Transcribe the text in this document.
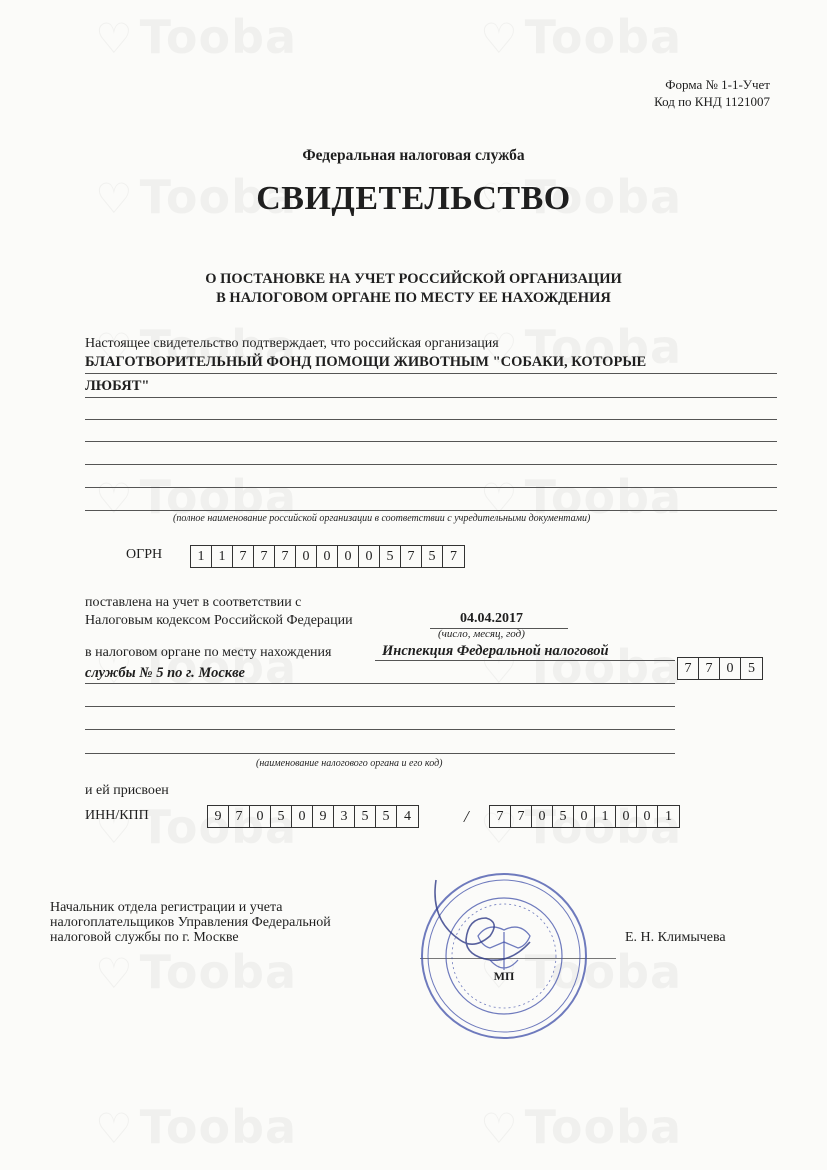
Форма № 1-1-Учет
Код по КНД 1121007
Федеральная налоговая служба
СВИДЕТЕЛЬСТВО
О ПОСТАНОВКЕ НА УЧЕТ РОССИЙСКОЙ ОРГАНИЗАЦИИ
В НАЛОГОВОМ ОРГАНЕ ПО МЕСТУ ЕЕ НАХОЖДЕНИЯ
Настоящее свидетельство подтверждает, что российская организация
БЛАГОТВОРИТЕЛЬНЫЙ ФОНД ПОМОЩИ ЖИВОТНЫМ "СОБАКИ, КОТОРЫЕ
ЛЮБЯТ"
(полное наименование российской организации в соответствии с учредительными документами)
ОГРН	1	1	7	7	7	0	0	0	0	5	7	5	7
поставлена на учет в соответствии с
Налоговым кодексом Российской Федерации	04.04.2017
(число, месяц, год)
в налоговом органе по месту нахождения	Инспекция Федеральной налоговой
службы № 5 по г. Москве	7	7	0	5
(наименование налогового органа и его код)
и ей присвоен
ИНН/КПП	9	7	0	5	0	9	3	5	5	4	/	7	7	0	5	0	1	0	0	1
Начальник отдела регистрации и учета
налогоплательщиков Управления Федеральной
налоговой службы по г. Москве	Е. Н. Климычева
МП
